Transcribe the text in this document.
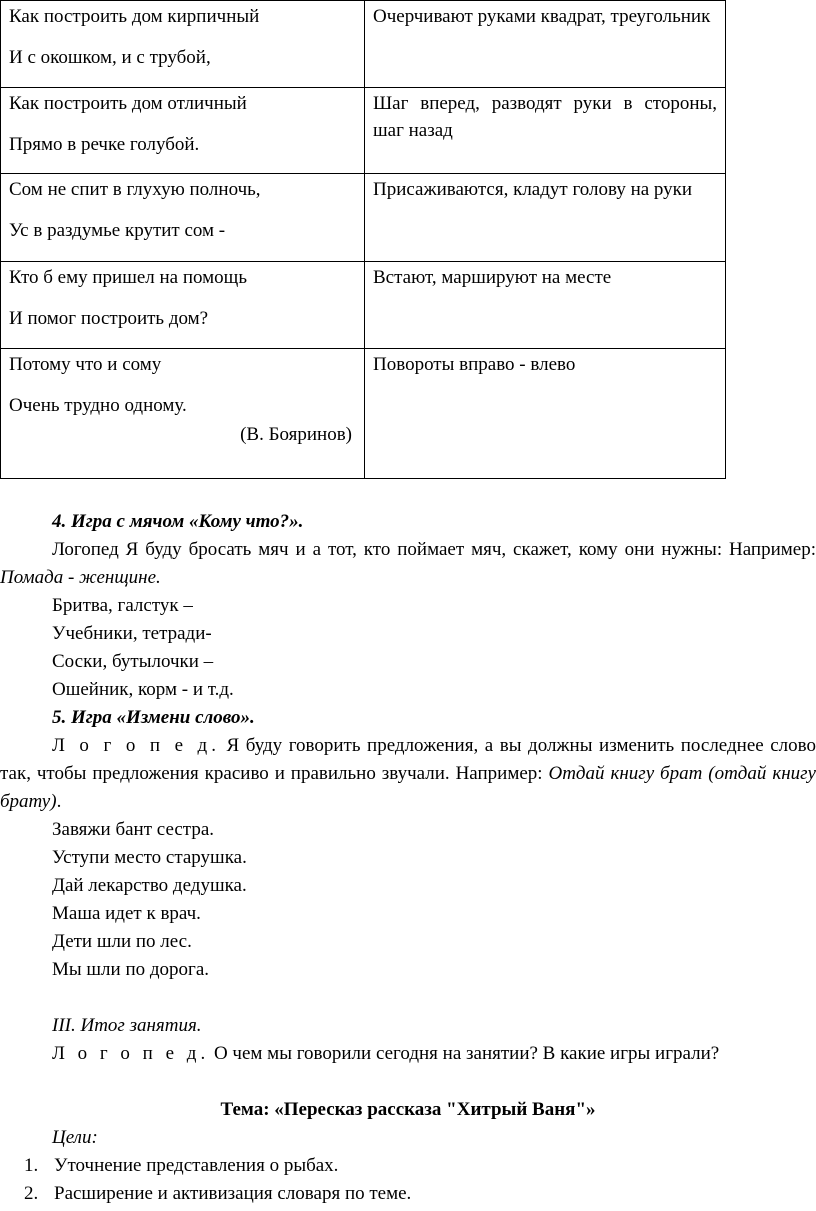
Как построить дом кирпичный
И с окошком, и с трубой,	Очерчивают руками квадрат, треугольник

Как построить дом отличный
Прямо в речке голубой.	Шаг вперед, разводят руки в стороны, шаг назад

Сом не спит в глухую полночь,
Ус в раздумье крутит сом -	Присаживаются, кладут голову на руки

Кто б ему пришел на помощь
И помог построить дом?	Встают, маршируют на месте

Потому что и сому
Очень трудно одному.
(В. Бояринов)	Повороты вправо - влево
4. Игра с мячом «Кому что?».
Логопед Я буду бросать мяч и а тот, кто поймает мяч, скажет, кому они нужны: Например: Помада - женщине.
Бритва, галстук –
Учебники, тетради-
Соски, бутылочки –
Ошейник, корм - и т.д.
5. Игра «Измени слово».
Л о г о п е д. Я буду говорить предложения, а вы должны изменить последнее слово так, чтобы предложения красиво и правильно звучали. Например: Отдай книгу брат (отдай книгу брату).
Завяжи бант сестра.
Уступи место старушка.
Дай лекарство дедушка.
Маша идет к врач.
Дети шли по лес.
Мы шли по дорога.
III. Итог занятия.
Л о г о п е д. О чем мы говорили сегодня на занятии? В какие игры играли?
Тема: «Пересказ рассказа "Хитрый Ваня"»
Цели:
1. Уточнение представления о рыбах.
2. Расширение и активизация словаря по теме.
